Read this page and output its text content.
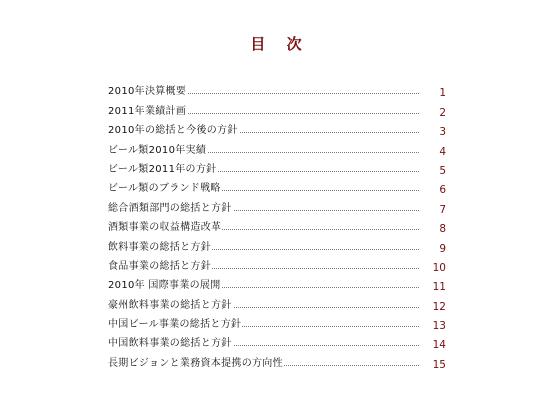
目 次
2010年決算概要	1
2011年業績計画	2
2010年の総括と今後の方針	3
ビール類2010年実績	4
ビール類2011年の方針	5
ビール類のブランド戦略	6
総合酒類部門の総括と方針	7
酒類事業の収益構造改革	8
飲料事業の総括と方針	9
食品事業の総括と方針	10
2010年 国際事業の展開	11
豪州飲料事業の総括と方針	12
中国ビール事業の総括と方針	13
中国飲料事業の総括と方針	14
長期ビジョンと業務資本提携の方向性	15
